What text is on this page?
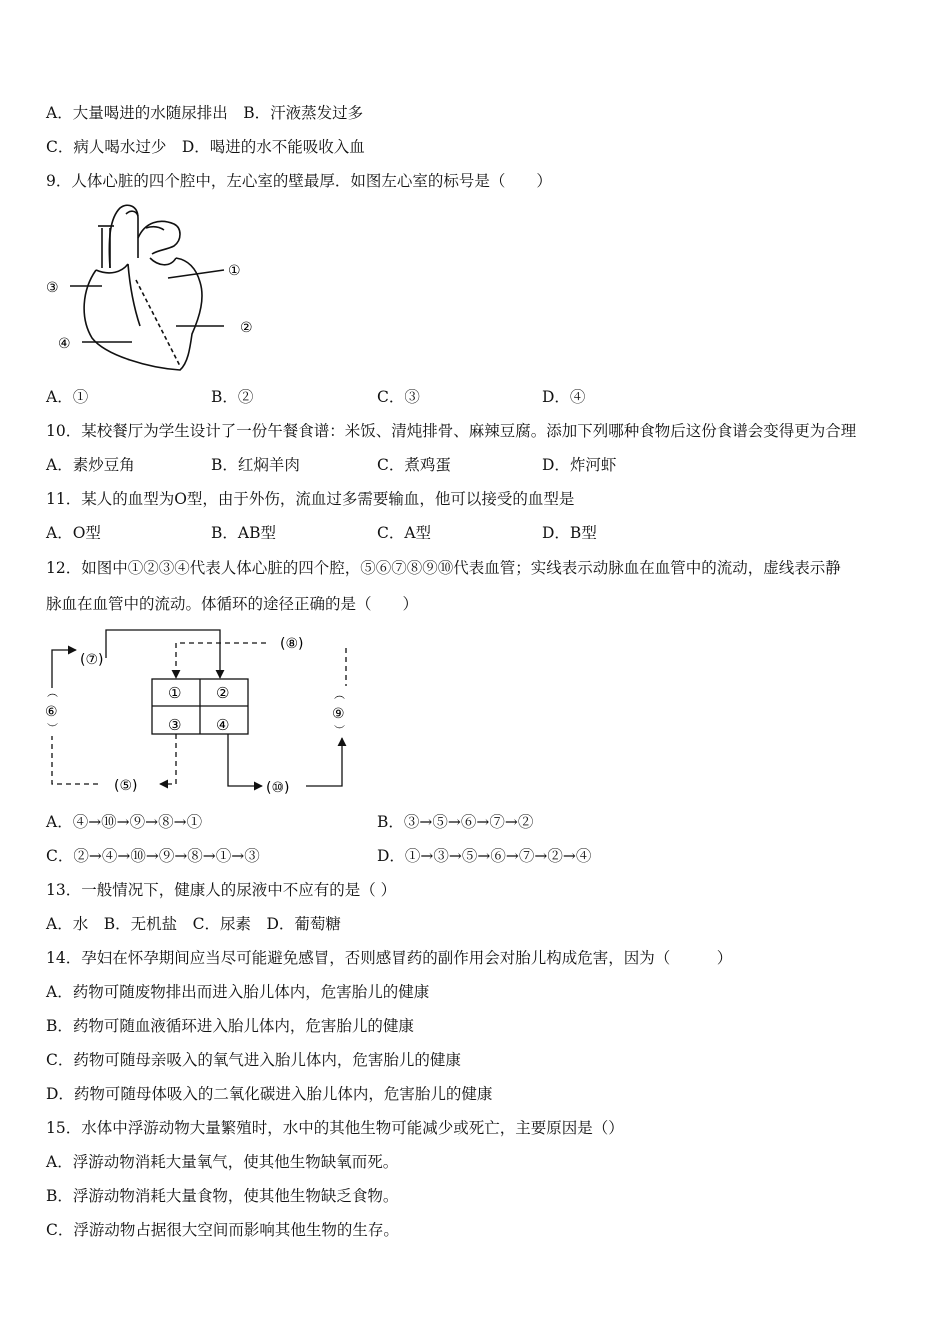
A．大量喝进的水随尿排出　B．汗液蒸发过多
C．病人喝水过少　D．喝进的水不能吸收入血
9．人体心脏的四个腔中，左心室的壁最厚．如图左心室的标号是（　　）
①
②
③
④
A．①	B．②	C．③	D．④
10．某校餐厅为学生设计了一份午餐食谱：米饭、清炖排骨、麻辣豆腐。添加下列哪种食物后这份食谱会变得更为合理
A．素炒豆角	B．红焖羊肉	C．煮鸡蛋	D．炸河虾
11．某人的血型为O型，由于外伤，流血过多需要输血，他可以接受的血型是
A．O型	B．AB型	C．A型	D．B型
12．如图中①②③④代表人体心脏的四个腔，⑤⑥⑦⑧⑨⑩代表血管；实线表示动脉血在血管中的流动，虚线表示静
脉血在血管中的流动。体循环的途径正确的是（　　）
① ②
③ ④
(⑦)
(⑧)
⑥
︵
︶
⑨
︵
︶
(⑤)	(⑩)
A．④→⑩→⑨→⑧→①	B．③→⑤→⑥→⑦→②
C．②→④→⑩→⑨→⑧→①→③	D．①→③→⑤→⑥→⑦→②→④
13．一般情况下，健康人的尿液中不应有的是（ ）
A．水　B．无机盐　C．尿素　D．葡萄糖
14．孕妇在怀孕期间应当尽可能避免感冒，否则感冒药的副作用会对胎儿构成危害，因为（　　　）
A．药物可随废物排出而进入胎儿体内，危害胎儿的健康
B．药物可随血液循环进入胎儿体内，危害胎儿的健康
C．药物可随母亲吸入的氧气进入胎儿体内，危害胎儿的健康
D．药物可随母体吸入的二氧化碳进入胎儿体内，危害胎儿的健康
15．水体中浮游动物大量繁殖时，水中的其他生物可能减少或死亡，主要原因是（）
A．浮游动物消耗大量氧气，使其他生物缺氧而死。
B．浮游动物消耗大量食物，使其他生物缺乏食物。
C．浮游动物占据很大空间而影响其他生物的生存。
